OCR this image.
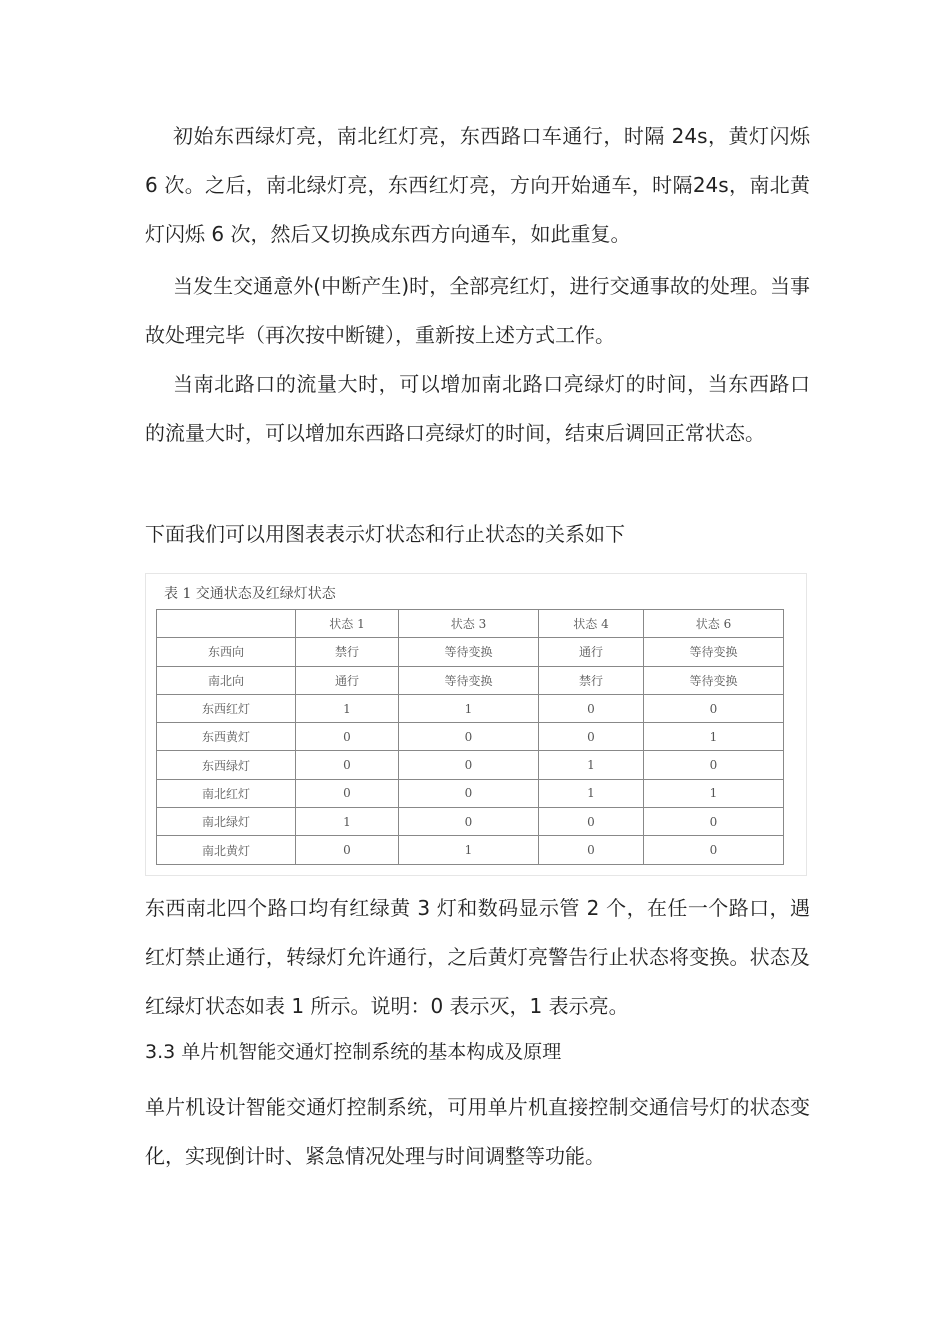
初始东西绿灯亮，南北红灯亮，东西路口车通行，时隔 24s，黄灯闪烁 6 次。之后，南北绿灯亮，东西红灯亮，方向开始通车，时隔24s，南北黄灯闪烁 6 次，然后又切换成东西方向通车，如此重复。

当发生交通意外(中断产生)时，全部亮红灯，进行交通事故的处理。当事故处理完毕（再次按中断键），重新按上述方式工作。

当南北路口的流量大时，可以增加南北路口亮绿灯的时间，当东西路口的流量大时，可以增加东西路口亮绿灯的时间，结束后调回正常状态。

下面我们可以用图表表示灯状态和行止状态的关系如下

表 1 交通状态及红绿灯状态
	状态 1	状态 3	状态 4	状态 6
东西向	禁行	等待变换	通行	等待变换
南北向	通行	等待变换	禁行	等待变换
东西红灯	1	1	0	0
东西黄灯	0	0	0	1
东西绿灯	0	0	1	0
南北红灯	0	0	1	1
南北绿灯	1	0	0	0
南北黄灯	0	1	0	0

东西南北四个路口均有红绿黄 3 灯和数码显示管 2 个，在任一个路口，遇红灯禁止通行，转绿灯允许通行，之后黄灯亮警告行止状态将变换。状态及红绿灯状态如表 1 所示。说明：0 表示灭，1 表示亮。

3.3 单片机智能交通灯控制系统的基本构成及原理

单片机设计智能交通灯控制系统，可用单片机直接控制交通信号灯的状态变化，实现倒计时、紧急情况处理与时间调整等功能。
